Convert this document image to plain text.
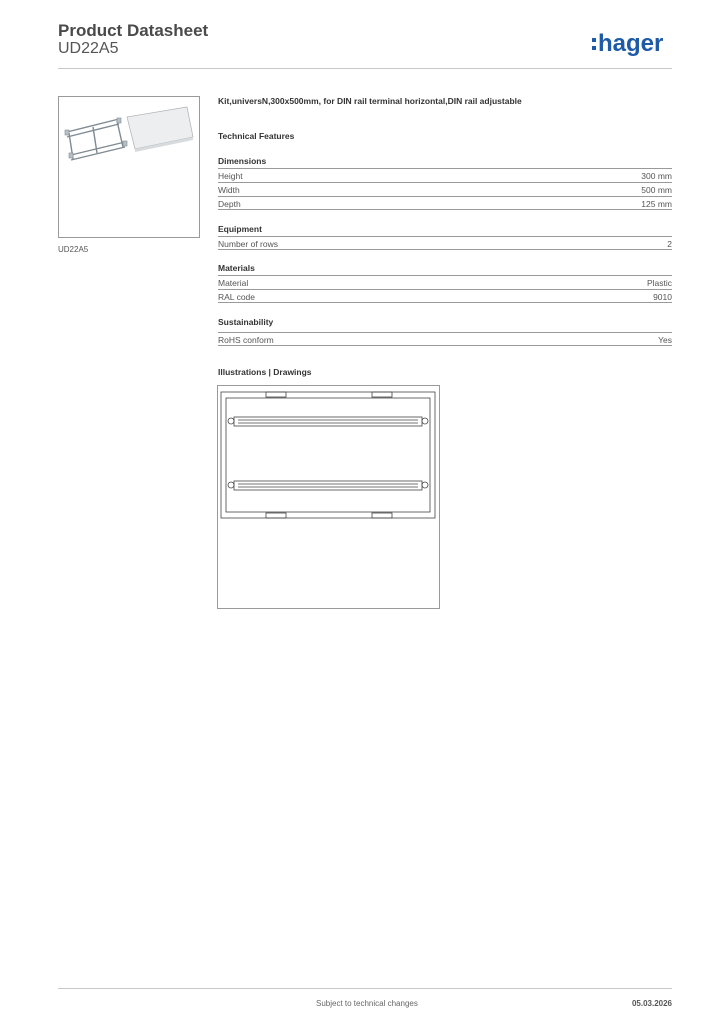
Product Datasheet
UD22A5	hager
UD22A5
Kit,universN,300x500mm, for DIN rail terminal horizontal,DIN rail adjustable
Technical Features
Dimensions
Height	300 mm
Width	500 mm
Depth	125 mm
Equipment
Number of rows	2
Materials
Material	Plastic
RAL code	9010
Sustainability
RoHS conform	Yes
Illustrations | Drawings
Subject to technical changes	05.03.2026
